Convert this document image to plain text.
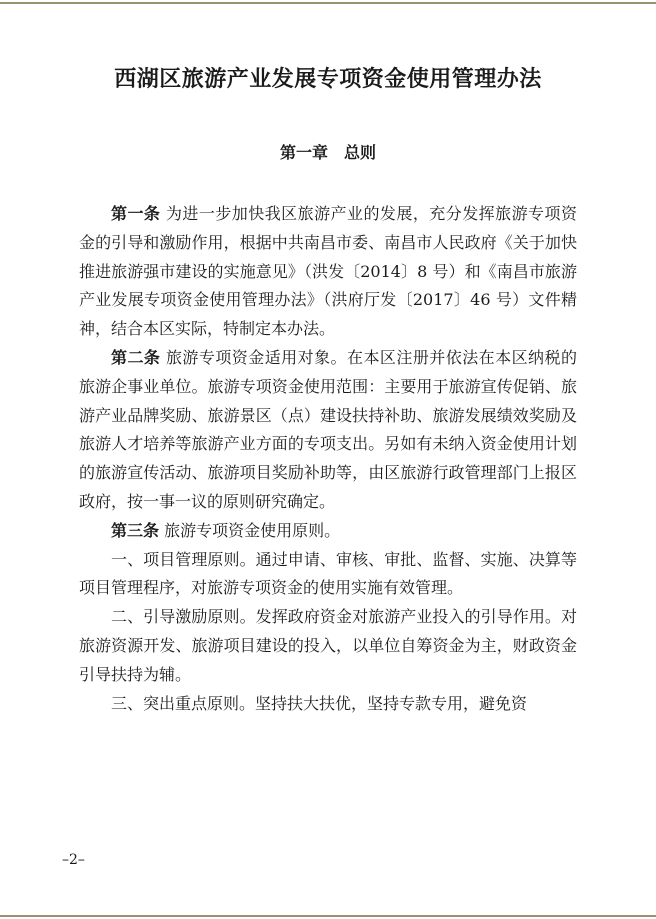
西湖区旅游产业发展专项资金使用管理办法
第一章　总则

第一条 为进一步加快我区旅游产业的发展，充分发挥旅游专项资金的引导和激励作用，根据中共南昌市委、南昌市人民政府《关于加快推进旅游强市建设的实施意见》（洪发〔2014〕8 号）和《南昌市旅游产业发展专项资金使用管理办法》（洪府厅发〔2017〕46 号）文件精神，结合本区实际，特制定本办法。

第二条 旅游专项资金适用对象。在本区注册并依法在本区纳税的旅游企事业单位。旅游专项资金使用范围：主要用于旅游宣传促销、旅游产业品牌奖励、旅游景区（点）建设扶持补助、旅游发展绩效奖励及旅游人才培养等旅游产业方面的专项支出。另如有未纳入资金使用计划的旅游宣传活动、旅游项目奖励补助等，由区旅游行政管理部门上报区政府，按一事一议的原则研究确定。

第三条 旅游专项资金使用原则。

一、项目管理原则。通过申请、审核、审批、监督、实施、决算等项目管理程序，对旅游专项资金的使用实施有效管理。

二、引导激励原则。发挥政府资金对旅游产业投入的引导作用。对旅游资源开发、旅游项目建设的投入，以单位自筹资金为主，财政资金引导扶持为辅。

三、突出重点原则。坚持扶大扶优，坚持专款专用，避免资

–2–
